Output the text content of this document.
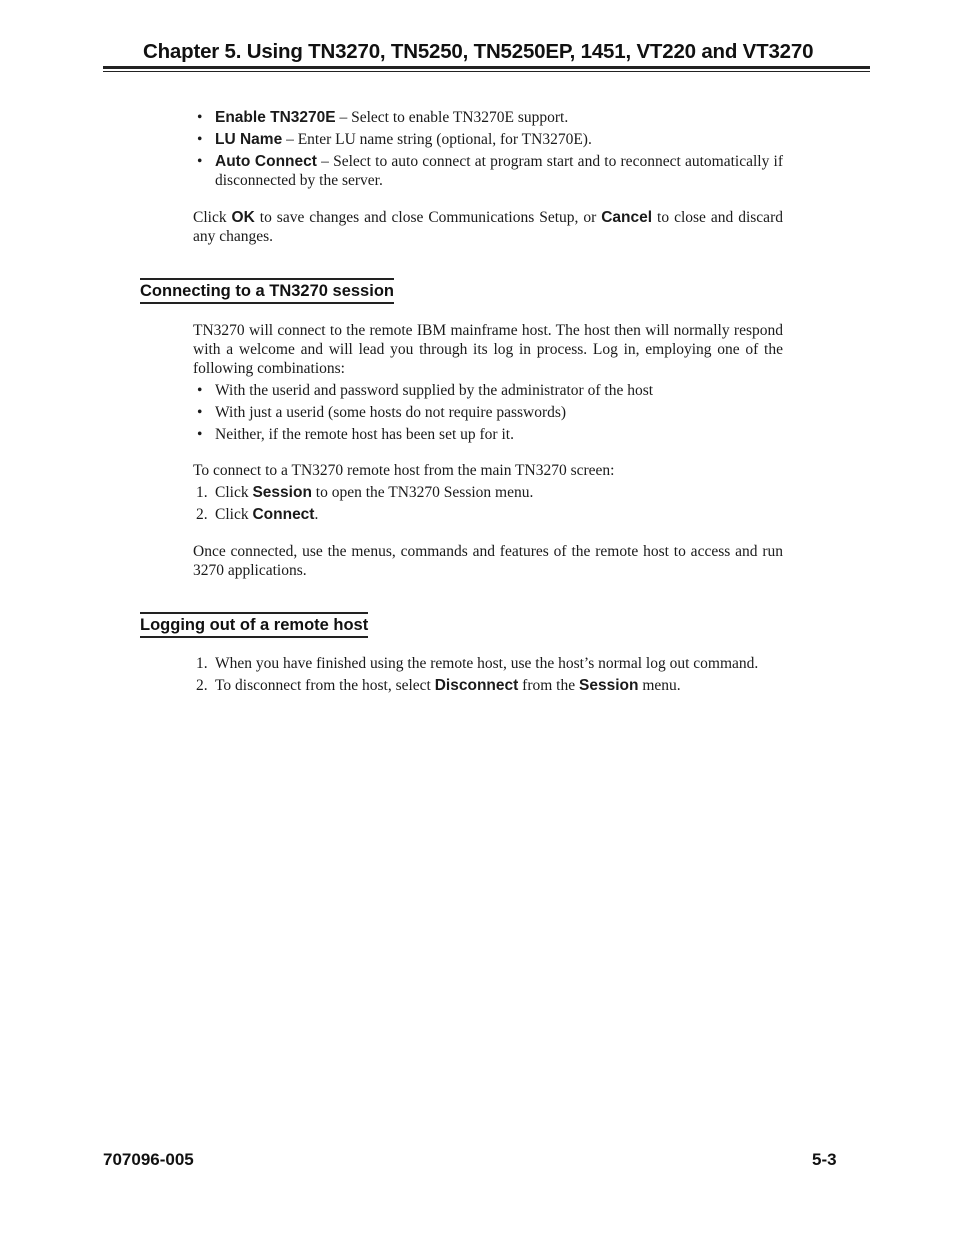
Chapter 5. Using TN3270, TN5250, TN5250EP, 1451, VT220 and VT3270
• Enable TN3270E – Select to enable TN3270E support.
• LU Name – Enter LU name string (optional, for TN3270E).
• Auto Connect – Select to auto connect at program start and to reconnect automatically if disconnected by the server.

Click OK to save changes and close Communications Setup, or Cancel to close and discard any changes.

Connecting to a TN3270 session

TN3270 will connect to the remote IBM mainframe host. The host then will normally respond with a welcome and will lead you through its log in process. Log in, employing one of the following combinations:

• With the userid and password supplied by the administrator of the host
• With just a userid (some hosts do not require passwords)
• Neither, if the remote host has been set up for it.

To connect to a TN3270 remote host from the main TN3270 screen:

1. Click Session to open the TN3270 Session menu.
2. Click Connect.

Once connected, use the menus, commands and features of the remote host to access and run 3270 applications.

Logging out of a remote host
1. When you have finished using the remote host, use the host’s normal log out command.
2. To disconnect from the host, select Disconnect from the Session menu.
707096-005	5-3
